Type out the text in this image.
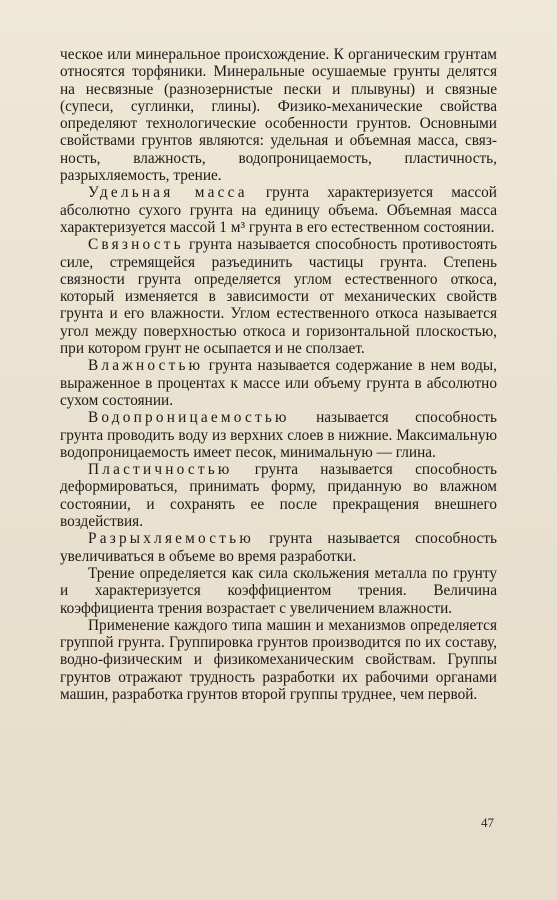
ческое или минеральное происхождение. К органическим грунтам относятся торфяники. Минеральные осушаемые грунты делятся на несвязные (разнозернистые пески и плывуны) и связные (супеси, суглинки, глины). Физико-механические свойства определяют технологические особенности грунтов. Основными свойствами грунтов являются: удельная и объемная масса, связность, влажность, водопроницаемость, пластичность, разрыхляемость, трение.

Удельная масса грунта характеризуется массой абсолютно сухого грунта на единицу объема. Объемная масса характеризуется массой 1 м³ грунта в его естественном состоянии.

Связность грунта называется способность противостоять силе, стремящейся разъединить частицы грунта. Степень связности грунта определяется углом естественного откоса, который изменяется в зависимости от механических свойств грунта и его влажности. Углом естественного откоса называется угол между поверхностью откоса и горизонтальной плоскостью, при котором грунт не осыпается и не сползает.

Влажностью грунта называется содержание в нем воды, выраженное в процентах к массе или объему грунта в абсолютно сухом состоянии.

Водопроницаемостью называется способность грунта проводить воду из верхних слоев в нижние. Максимальную водопроницаемость имеет песок, минимальную — глина.

Пластичностью грунта называется способность деформироваться, принимать форму, приданную во влажном состоянии, и сохранять ее после прекращения внешнего воздействия.

Разрыхляемостью грунта называется способность увеличиваться в объеме во время разработки.

Трение определяется как сила скольжения металла по грунту и характеризуется коэффициентом трения. Величина коэффициента трения возрастает с увеличением влажности.

Применение каждого типа машин и механизмов определяется группой грунта. Группировка грунтов производится по их составу, водно-физическим и физикомеханическим свойствам. Группы грунтов отражают трудность разработки их рабочими органами машин, разработка грунтов второй группы труднее, чем первой.

47
